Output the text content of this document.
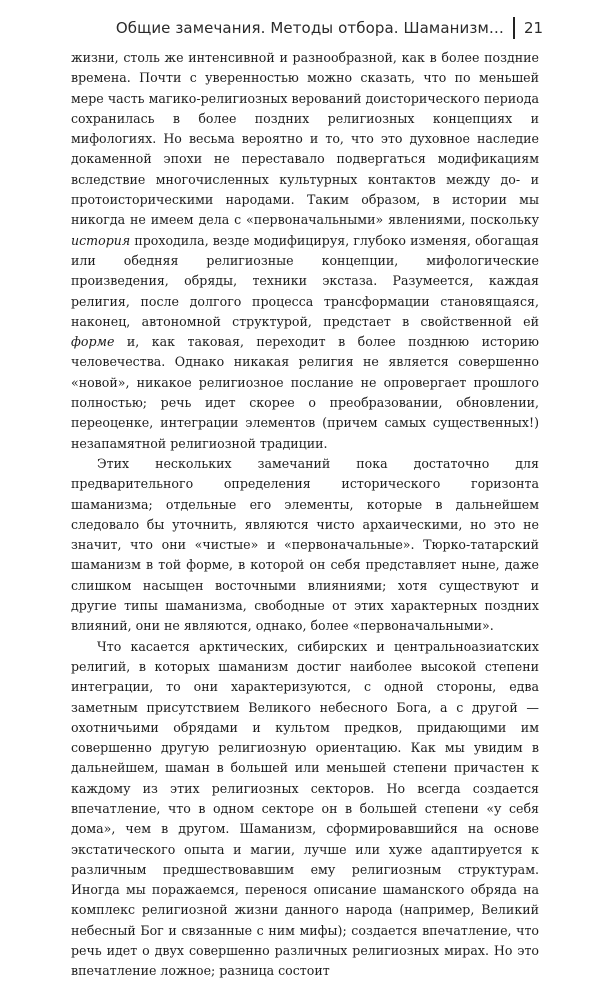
Общие замечания. Методы отбора. Шаманизм… 21

жизни, столь же интенсивной и разнообразной, как в более поздние времена. Почти с уверенностью можно сказать, что по меньшей мере часть магико-религиозных верований доисторического периода сохранилась в более поздних религиозных концепциях и мифологиях. Но весьма вероятно и то, что это духовное наследие докаменной эпохи не переставало подвергаться модификациям вследствие многочисленных культурных контактов между до- и протоисторическими народами. Таким образом, в истории мы никогда не имеем дела с «первоначальными» явлениями, поскольку история проходила, везде модифицируя, глубоко изменяя, обогащая или обедняя религиозные концепции, мифологические произведения, обряды, техники экстаза. Разумеется, каждая религия, после долгого процесса трансформации становящаяся, наконец, автономной структурой, предстает в свойственной ей форме и, как таковая, переходит в более позднюю историю человечества. Однако никакая религия не является совершенно «новой», никакое религиозное послание не опровергает прошлого полностью; речь идет скорее о преобразовании, обновлении, переоценке, интеграции элементов (причем самых существенных!) незапамятной религиозной традиции.

Этих нескольких замечаний пока достаточно для предварительного определения исторического горизонта шаманизма; отдельные его элементы, которые в дальнейшем следовало бы уточнить, являются чисто архаическими, но это не значит, что они «чистые» и «первоначальные». Тюрко-татарский шаманизм в той форме, в которой он себя представляет ныне, даже слишком насыщен восточными влияниями; хотя существуют и другие типы шаманизма, свободные от этих характерных поздних влияний, они не являются, однако, более «первоначальными».

Что касается арктических, сибирских и центральноазиатских религий, в которых шаманизм достиг наиболее высокой степени интеграции, то они характеризуются, с одной стороны, едва заметным присутствием Великого небесного Бога, а с другой — охотничьими обрядами и культом предков, придающими им совершенно другую религиозную ориентацию. Как мы увидим в дальнейшем, шаман в большей или меньшей степени причастен к каждому из этих религиозных секторов. Но всегда создается впечатление, что в одном секторе он в большей степени «у себя дома», чем в другом. Шаманизм, сформировавшийся на основе экстатического опыта и магии, лучше или хуже адаптируется к различным предшествовавшим ему религиозным структурам. Иногда мы поражаемся, перенося описание шаманского обряда на комплекс религиозной жизни данного народа (например, Великий небесный Бог и связанные с ним мифы); создается впечатление, что речь идет о двух совершенно различных религиозных мирах. Но это впечатление ложное; разница состоит
